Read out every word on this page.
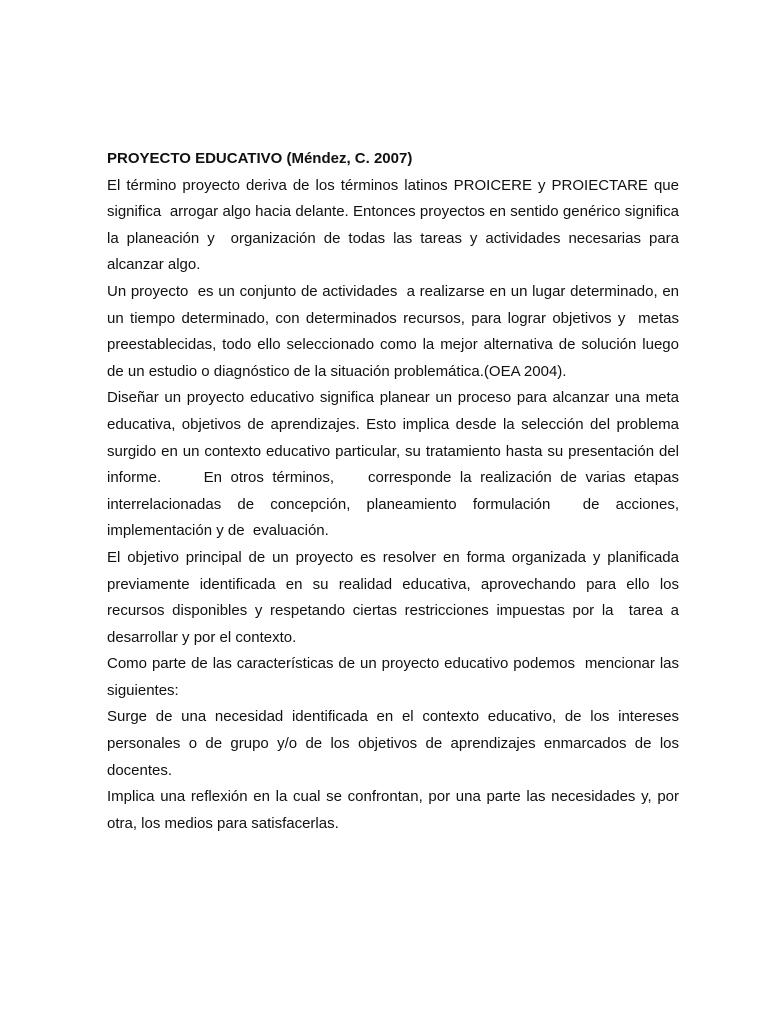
PROYECTO EDUCATIVO (Méndez, C. 2007)

El término proyecto deriva de los términos latinos PROICERE y PROIECTARE que significa  arrogar algo hacia delante. Entonces proyectos en sentido genérico significa la planeación y  organización de todas las tareas y actividades necesarias para alcanzar algo.

Un proyecto  es un conjunto de actividades  a realizarse en un lugar determinado, en un tiempo determinado, con determinados recursos, para lograr objetivos y  metas preestablecidas, todo ello seleccionado como la mejor alternativa de solución luego de un estudio o diagnóstico de la situación problemática.(OEA 2004).

Diseñar un proyecto educativo significa planear un proceso para alcanzar una meta educativa, objetivos de aprendizajes. Esto implica desde la selección del problema surgido en un contexto educativo particular, su tratamiento hasta su presentación del informe.     En otros términos,    corresponde la realización de varias etapas interrelacionadas de concepción, planeamiento formulación  de acciones, implementación y de  evaluación.

El objetivo principal de un proyecto es resolver en forma organizada y planificada previamente identificada en su realidad educativa, aprovechando para ello los recursos disponibles y respetando ciertas restricciones impuestas por la  tarea a desarrollar y por el contexto.

Como parte de las características de un proyecto educativo podemos  mencionar las siguientes:

Surge de una necesidad identificada en el contexto educativo, de los intereses personales o de grupo y/o de los objetivos de aprendizajes enmarcados de los docentes.

Implica una reflexión en la cual se confrontan, por una parte las necesidades y, por otra, los medios para satisfacerlas.
